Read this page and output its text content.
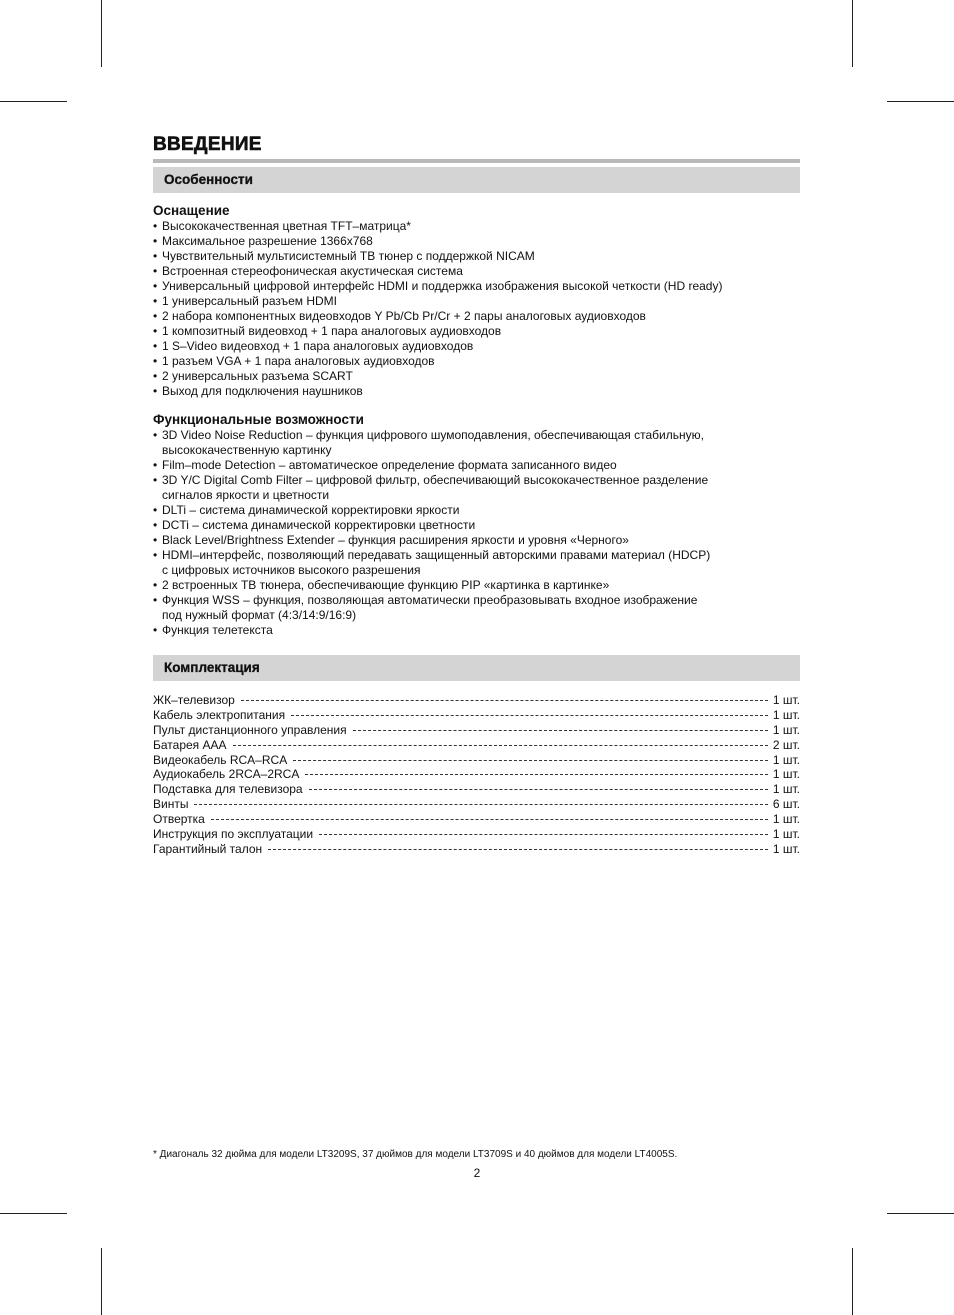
ВВЕДЕНИЕ
Особенности
Оснащение
• Высококачественная цветная TFT–матрица*
• Максимальное разрешение 1366x768
• Чувствительный мультисистемный ТВ тюнер с поддержкой NICAM
• Встроенная стереофоническая акустическая система
• Универсальный цифровой интерфейс HDMI и поддержка изображения высокой четкости (HD ready)
• 1 универсальный разъем HDMI
• 2 набора компонентных видеовходов Y Pb/Cb Pr/Cr + 2 пары аналоговых аудиовходов
• 1 композитный видеовход + 1 пара аналоговых аудиовходов
• 1 S–Video видеовход + 1 пара аналоговых аудиовходов
• 1 разъем VGA + 1 пара аналоговых аудиовходов
• 2 универсальных разъема SCART
• Выход для подключения наушников
Функциональные возможности
• 3D Video Noise Reduction – функция цифрового шумоподавления, обеспечивающая стабильную,
высококачественную картинку
• Film–mode Detection – автоматическое определение формата записанного видео
• 3D Y/C Digital Comb Filter – цифровой фильтр, обеспечивающий высококачественное разделение
сигналов яркости и цветности
• DLTi – система динамической корректировки яркости
• DCTi – система динамической корректировки цветности
• Black Level/Brightness Extender – функция расширения яркости и уровня «Черного»
• HDMI–интерфейс, позволяющий передавать защищенный авторскими правами материал (HDCP)
с цифровых источников высокого разрешения
• 2 встроенных ТВ тюнера, обеспечивающие функцию PIP «картинка в картинке»
• Функция WSS – функция, позволяющая автоматически преобразовывать входное изображение
под нужный формат (4:3/14:9/16:9)
• Функция телетекста
Комплектация
ЖК–телевизор	1 шт.
Кабель электропитания	1 шт.
Пульт дистанционного управления	1 шт.
Батарея ААА	2 шт.
Видеокабель RCA–RCA	1 шт.
Аудиокабель 2RCA–2RCA	1 шт.
Подставка для телевизора	1 шт.
Винты	6 шт.
Отвертка	1 шт.
Инструкция по эксплуатации	1 шт.
Гарантийный талон	1 шт.
* Диагональ 32 дюйма для модели LT3209S, 37 дюймов для модели LT3709S и 40 дюймов для модели LT4005S.
2
